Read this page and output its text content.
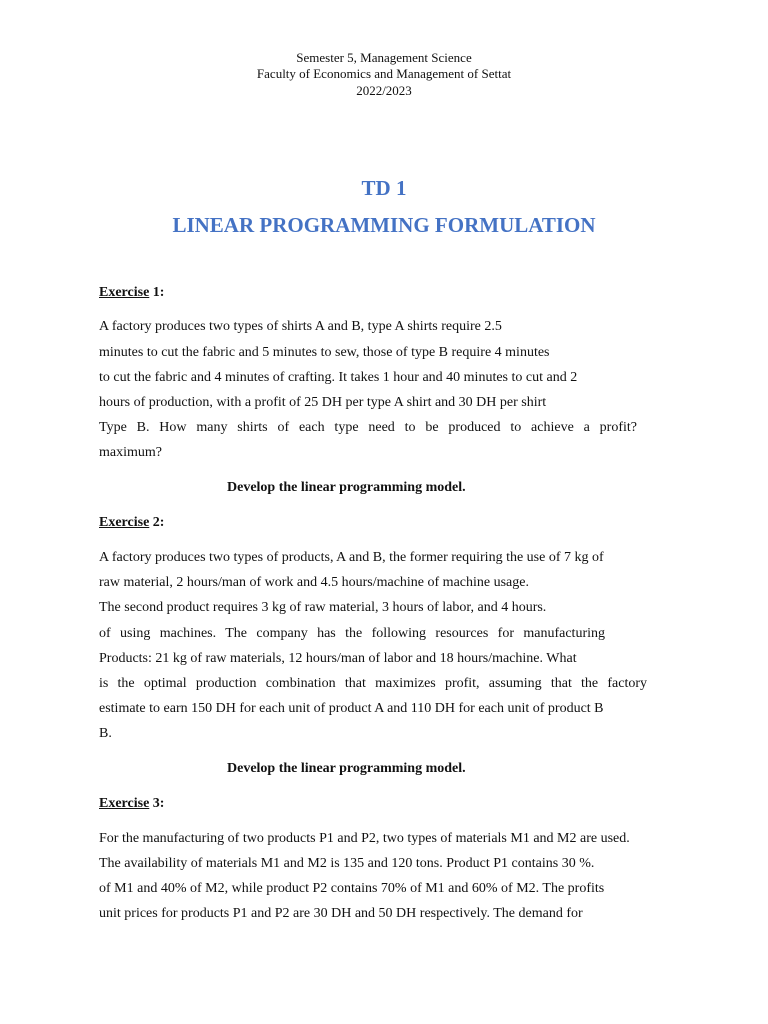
Semester 5, Management Science
Faculty of Economics and Management of Settat
2022/2023
TD 1
LINEAR PROGRAMMING FORMULATION
Exercise 1:
A factory produces two types of shirts A and B, type A shirts require 2.5
minutes to cut the fabric and 5 minutes to sew, those of type B require 4 minutes
to cut the fabric and 4 minutes of crafting. It takes 1 hour and 40 minutes to cut and 2
hours of production, with a profit of 25 DH per type A shirt and 30 DH per shirt
Type B. How many shirts of each type need to be produced to achieve a profit?
maximum?
Develop the linear programming model.
Exercise 2:
A factory produces two types of products, A and B, the former requiring the use of 7 kg of
raw material, 2 hours/man of work and 4.5 hours/machine of machine usage.
The second product requires 3 kg of raw material, 3 hours of labor, and 4 hours.
of using machines. The company has the following resources for manufacturing
Products: 21 kg of raw materials, 12 hours/man of labor and 18 hours/machine. What
is the optimal production combination that maximizes profit, assuming that the factory
estimate to earn 150 DH for each unit of product A and 110 DH for each unit of product B
B.
Develop the linear programming model.
Exercise 3:
For the manufacturing of two products P1 and P2, two types of materials M1 and M2 are used.
The availability of materials M1 and M2 is 135 and 120 tons. Product P1 contains 30 %.
of M1 and 40% of M2, while product P2 contains 70% of M1 and 60% of M2. The profits
unit prices for products P1 and P2 are 30 DH and 50 DH respectively. The demand for
